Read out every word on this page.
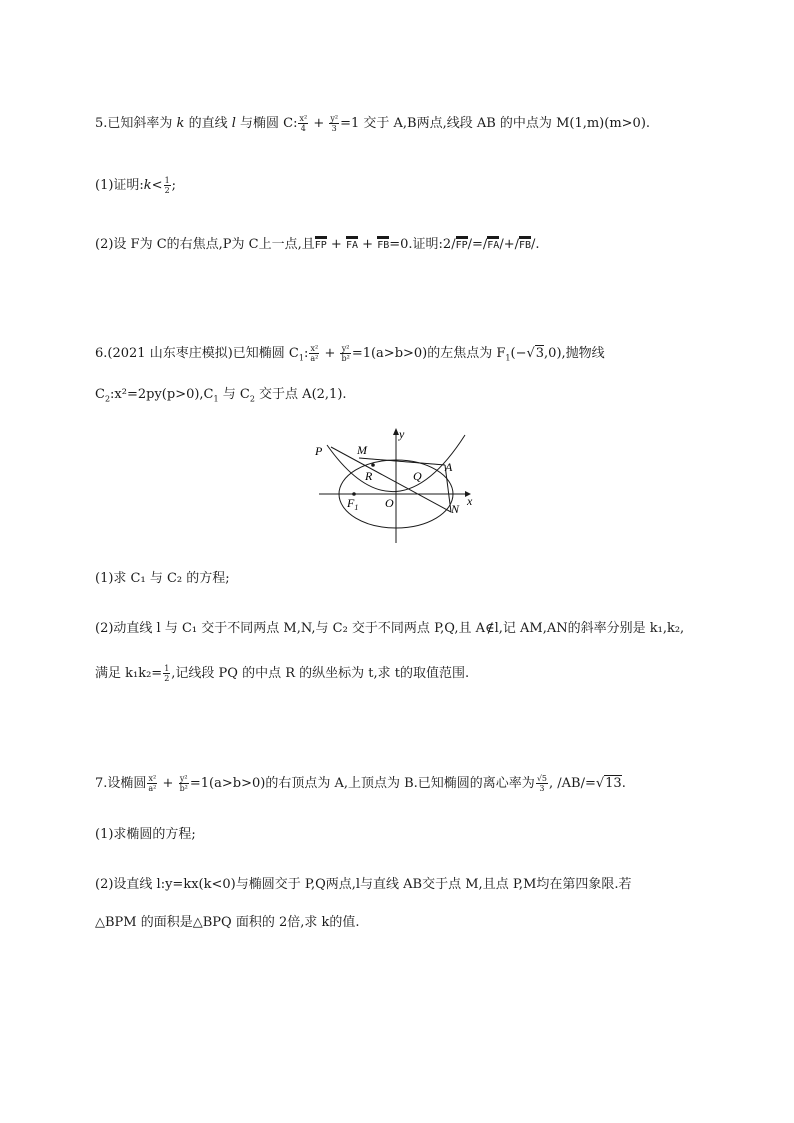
5.已知斜率为 k 的直线 l 与椭圆 C: $\frac{\text{x²}}{4} + \frac{\text{y²}}{3} =1$ 交于 A,B两点,线段 AB 的中点为 M(1,m)(m>0).
(1)证明:k< $\frac{1}{2}$ ;
(2)设 F为 C的右焦点,P为 C上一点,且FP + FA + FB=0.证明:2/FP/=/FA/+/FB/.
6.(2021 山东枣庄模拟)已知椭圆 $C_1$: $\frac{\text{x²}}{\text{a²}} + \frac{\text{y²}}{\text{b²}} =1(a>b>0)$的左焦点为 $F_1(-√3,0)$,抛物线
$C_2:x^2=2py(p>0),C_1$ 与 $C_2$ 交于点 A(2,1).
P	M
y
R	Q
A
O
$F_1$	N
x
(1)求 C₁ 与 C₂ 的方程;
(2)动直线 l 与 C₁ 交于不同两点 M,N,与 C₂ 交于不同两点 P,Q,且 A∉l,记 AM,AN的斜率分别是 k₁,k₂,
满足 $k_1k_2= \frac{1}{2}$ ,记线段 PQ 的中点 R 的纵坐标为 t,求 t的取值范围.
7.设椭圆 $\frac{\text{x²}}{\text{a²}} + \frac{\text{y²}}{\text{b²}} =1(a>b>0)$的右顶点为 A,上顶点为 B.已知椭圆的离心率为 $\frac{√5}{3}$ , /AB/=√13.
(1)求椭圆的方程;
(2)设直线 l:y=kx(k<0)与椭圆交于 P,Q两点,l与直线 AB交于点 M,且点 P,M均在第四象限.若
△BPM 的面积是△BPQ 面积的 2倍,求 k的值.
